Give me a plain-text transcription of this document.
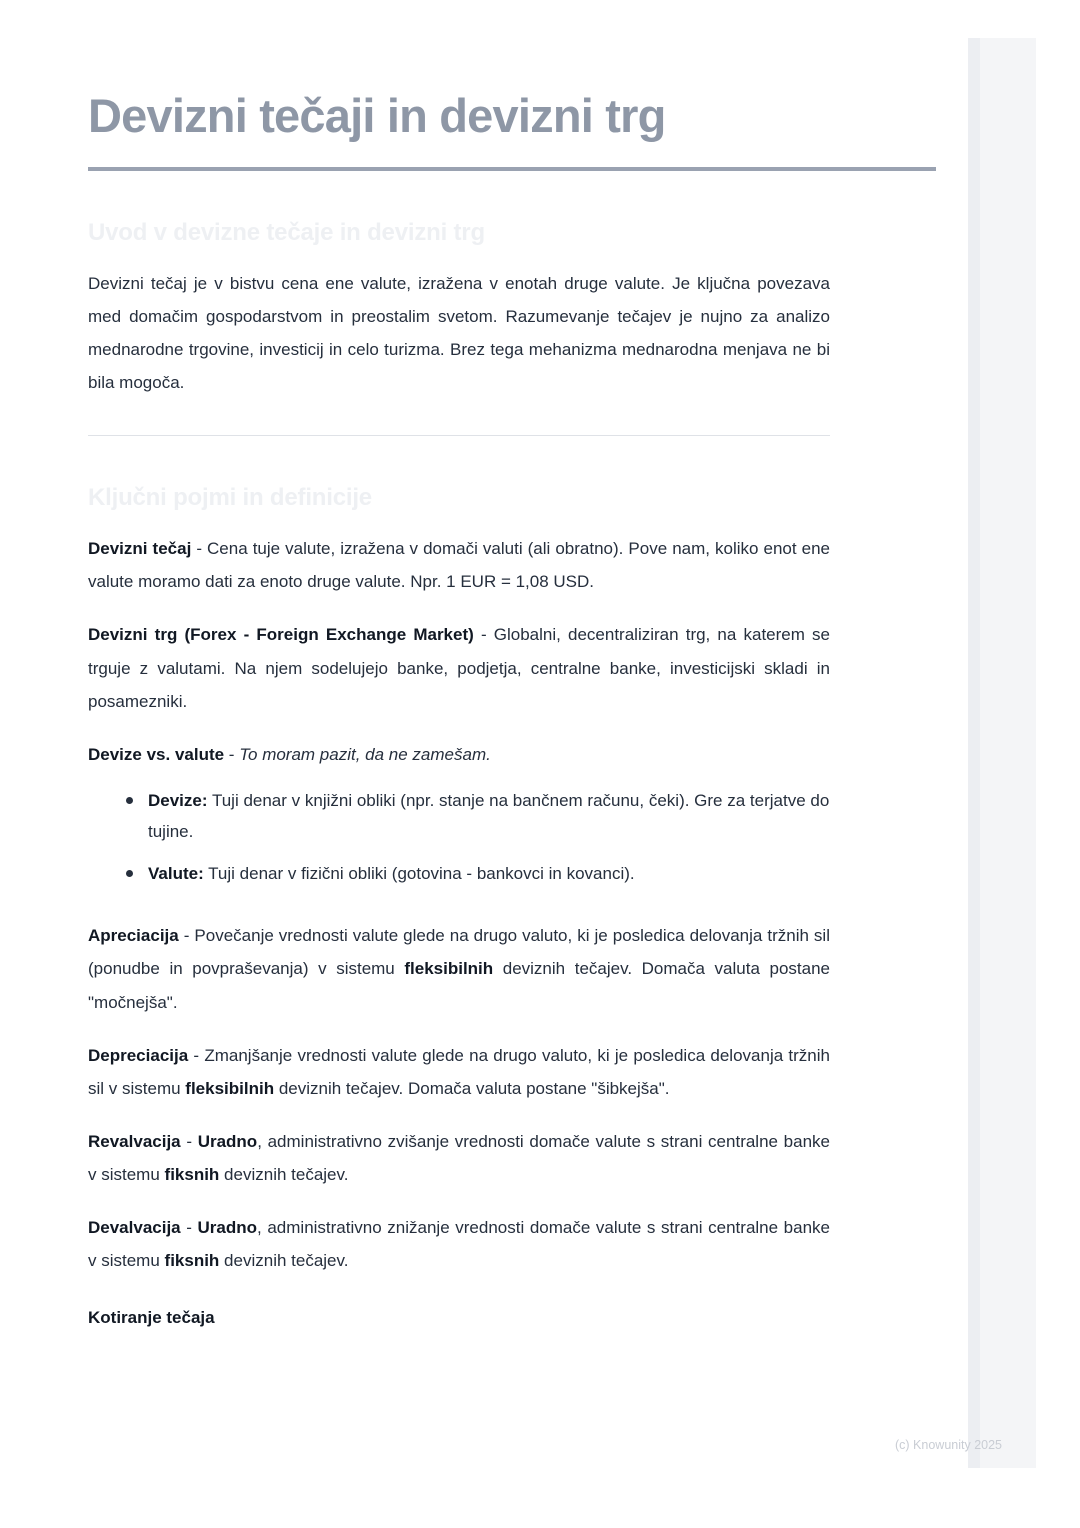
Devizni tečaji in devizni trg
Uvod v devizne tečaje in devizni trg

Devizni tečaj je v bistvu cena ene valute, izražena v enotah druge valute. Je ključna povezava med domačim gospodarstvom in preostalim svetom. Razumevanje tečajev je nujno za analizo mednarodne trgovine, investicij in celo turizma. Brez tega mehanizma mednarodna menjava ne bi bila mogoča.

Ključni pojmi in definicije

Devizni tečaj - Cena tuje valute, izražena v domači valuti (ali obratno). Pove nam, koliko enot ene valute moramo dati za enoto druge valute. Npr. 1 EUR = 1,08 USD.

Devizni trg (Forex - Foreign Exchange Market) - Globalni, decentraliziran trg, na katerem se trguje z valutami. Na njem sodelujejo banke, podjetja, centralne banke, investicijski skladi in posamezniki.

Devize vs. valute - To moram pazit, da ne zamešam.

Devize: Tuji denar v knjižni obliki (npr. stanje na bančnem računu, čeki). Gre za terjatve do tujine.
Valute: Tuji denar v fizični obliki (gotovina - bankovci in kovanci).

Apreciacija - Povečanje vrednosti valute glede na drugo valuto, ki je posledica delovanja tržnih sil (ponudbe in povpraševanja) v sistemu fleksibilnih deviznih tečajev. Domača valuta postane "močnejša".

Depreciacija - Zmanjšanje vrednosti valute glede na drugo valuto, ki je posledica delovanja tržnih sil v sistemu fleksibilnih deviznih tečajev. Domača valuta postane "šibkejša".

Revalvacija - Uradno, administrativno zvišanje vrednosti domače valute s strani centralne banke v sistemu fiksnih deviznih tečajev.

Devalvacija - Uradno, administrativno znižanje vrednosti domače valute s strani centralne banke v sistemu fiksnih deviznih tečajev.

Kotiranje tečaja
(c) Knowunity 2025
